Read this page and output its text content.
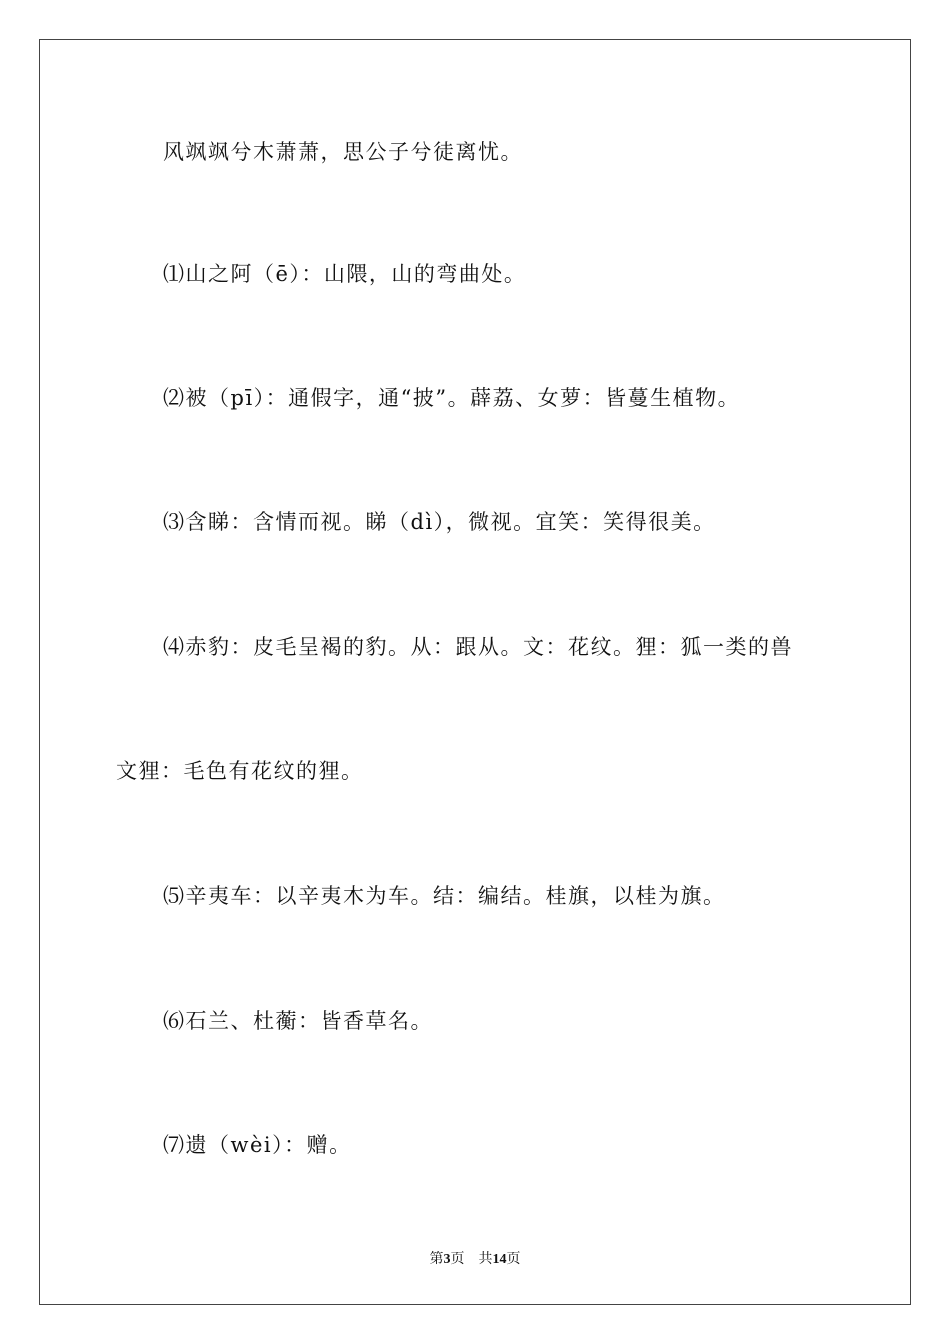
风飒飒兮木萧萧，思公子兮徒离忧。
⑴山之阿（ē）：山隈，山的弯曲处。
⑵被（pī）：通假字，通“披”。薜荔、女萝：皆蔓生植物。
⑶含睇：含情而视。睇（dì），微视。宜笑：笑得很美。
⑷赤豹：皮毛呈褐的豹。从：跟从。文：花纹。狸：狐一类的兽
文狸：毛色有花纹的狸。
⑸辛夷车：以辛夷木为车。结：编结。桂旗，以桂为旗。
⑹石兰、杜蘅：皆香草名。
⑺遗（wèi）：赠。
第3页　共14页
